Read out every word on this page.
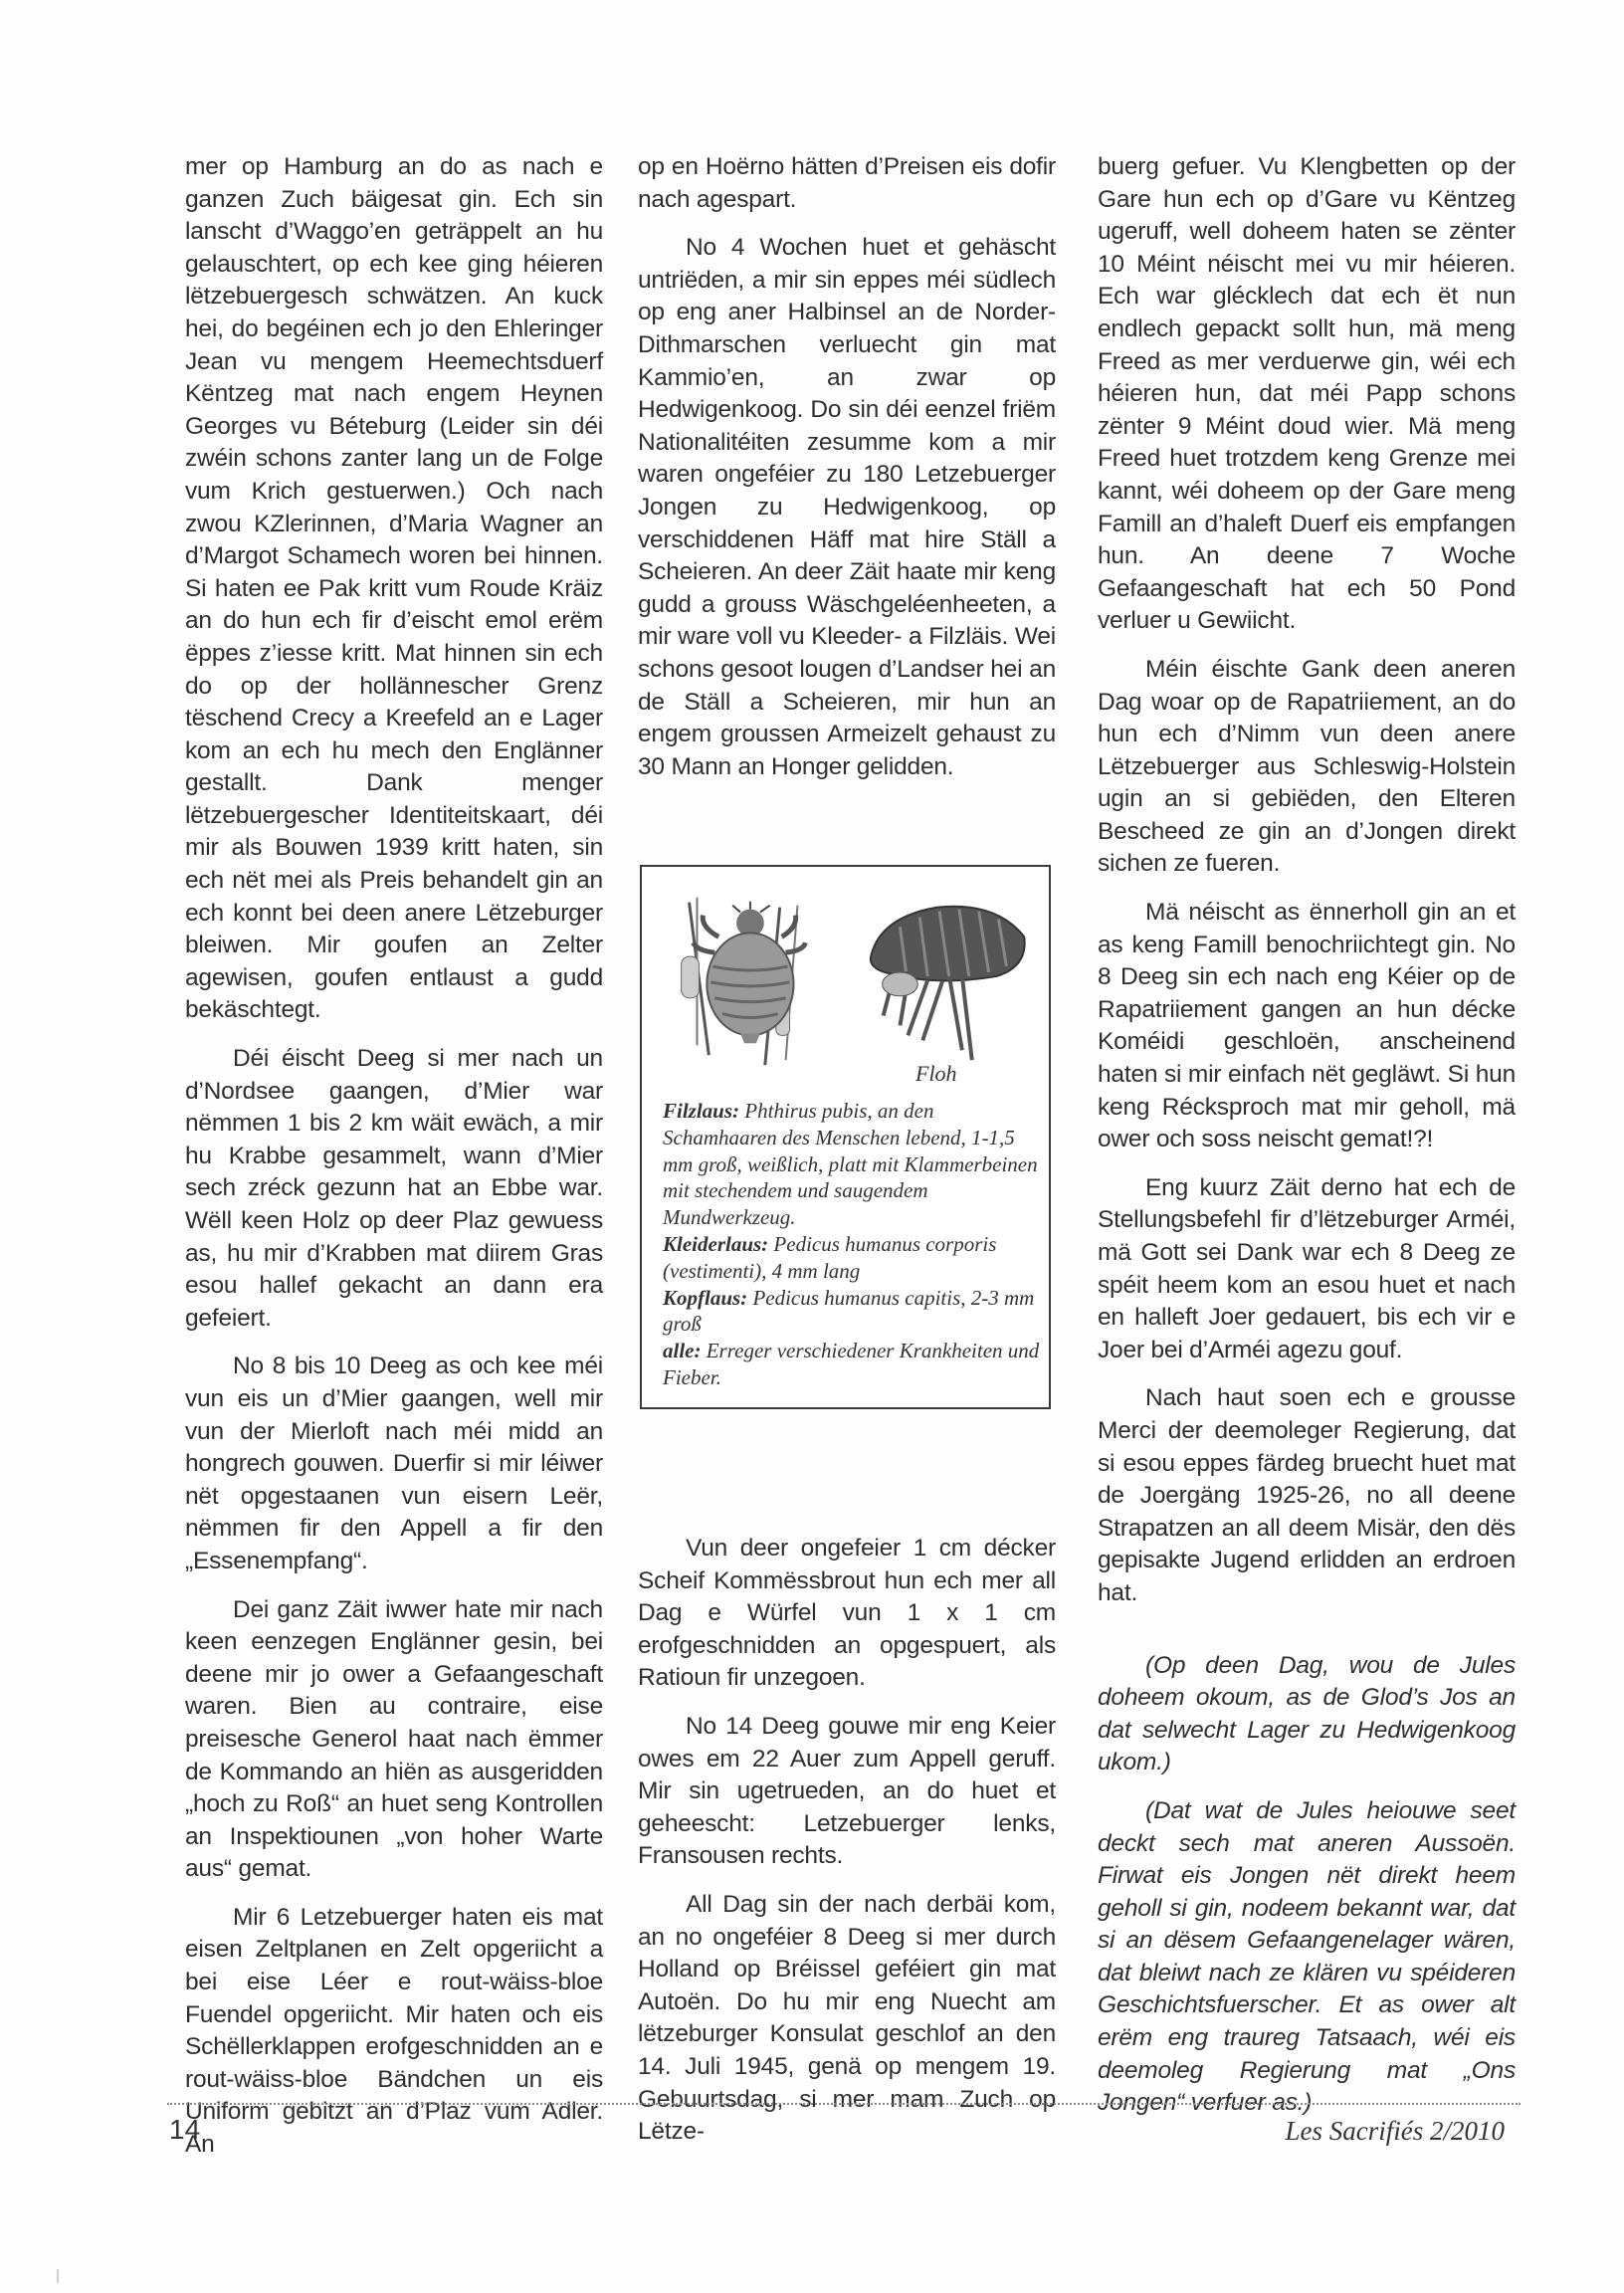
mer op Hamburg an do as nach e ganzen Zuch bäigesat gin. Ech sin lanscht d’Waggo’en geträppelt an hu gelauschtert, op ech kee ging héieren lëtzebuergesch schwätzen. An kuck hei, do begéinen ech jo den Ehleringer Jean vu mengem Heemechtsduerf Këntzeg mat nach engem Heynen Georges vu Béteburg (Leider sin déi zwéin schons zanter lang un de Folge vum Krich gestuerwen.) Och nach zwou KZlerinnen, d’Maria Wagner an d’Margot Schamech woren bei hinnen. Si haten ee Pak kritt vum Roude Kräiz an do hun ech fir d’eischt emol erëm ëppes z’iesse kritt. Mat hinnen sin ech do op der hollännescher Grenz tëschend Crecy a Kreefeld an e Lager kom an ech hu mech den Englänner gestallt. Dank menger lëtzebuergescher Identiteitskaart, déi mir als Bouwen 1939 kritt haten, sin ech nët mei als Preis behandelt gin an ech konnt bei deen anere Lëtzeburger bleiwen. Mir goufen an Zelter agewisen, goufen entlaust a gudd bekäschtegt.

Déi éischt Deeg si mer nach un d’Nordsee gaangen, d’Mier war nëmmen 1 bis 2 km wäit ewäch, a mir hu Krabbe gesammelt, wann d’Mier sech zréck gezunn hat an Ebbe war. Wëll keen Holz op deer Plaz gewuess as, hu mir d’Krabben mat diirem Gras esou hallef gekacht an dann era gefeiert.

No 8 bis 10 Deeg as och kee méi vun eis un d’Mier gaangen, well mir vun der Mierloft nach méi midd an hongrech gouwen. Duerfir si mir léiwer nët opgestaanen vun eisern Leër, nëmmen fir den Appell a fir den „Essenempfang“.

Dei ganz Zäit iwwer hate mir nach keen eenzegen Englänner gesin, bei deene mir jo ower a Gefaangeschaft waren. Bien au contraire, eise preisesche Generol haat nach ëmmer de Kommando an hiën as ausgeridden „hoch zu Roß“ an huet seng Kontrollen an Inspektiounen „von hoher Warte aus“ gemat.

Mir 6 Letzebuerger haten eis mat eisen Zeltplanen en Zelt opgeriicht a bei eise Léer e rout-wäiss-bloe Fuendel opgeriicht. Mir haten och eis Schëllerklappen erofgeschnidden an e rout-wäiss-bloe Bändchen un eis Uniform gebitzt an d’Plaz vum Adler. An

op en Hoërno hätten d’Preisen eis dofir nach agespart.

No 4 Wochen huet et gehäscht untriëden, a mir sin eppes méi südlech op eng aner Halbinsel an de Norder-Dithmarschen verluecht gin mat Kammio’en, an zwar op Hedwigenkoog. Do sin déi eenzel friëm Nationalitéiten zesumme kom a mir waren ongeféier zu 180 Letzebuerger Jongen zu Hedwigenkoog, op verschiddenen Häff mat hire Ställ a Scheieren. An deer Zäit haate mir keng gudd a grouss Wäschgeléenheeten, a mir ware voll vu Kleeder- a Filzläis. Wei schons gesoot lougen d’Landser hei an de Ställ a Scheieren, mir hun an engem groussen Armeizelt gehaust zu 30 Mann an Honger gelidden.

Floh
Filzlaus: Phthirus pubis, an den Schamhaaren des Menschen lebend, 1-1,5 mm groß, weißlich, platt mit Klammerbeinen mit stechendem und saugendem Mundwerkzeug.
Kleiderlaus: Pedicus humanus corporis (vestimenti), 4 mm lang
Kopflaus: Pedicus humanus capitis, 2-3 mm groß
alle: Erreger verschiedener Krankheiten und Fieber.

Vun deer ongefeier 1 cm décker Scheif Kommëssbrout hun ech mer all Dag e Würfel vun 1 x 1 cm erofgeschnidden an opgespuert, als Ratioun fir unzegoen.

No 14 Deeg gouwe mir eng Keier owes em 22 Auer zum Appell geruff. Mir sin ugetrueden, an do huet et geheescht: Letzebuerger lenks, Fransousen rechts.

All Dag sin der nach derbäi kom, an no ongeféier 8 Deeg si mer durch Holland op Bréissel geféiert gin mat Autoën. Do hu mir eng Nuecht am lëtzeburger Konsulat geschlof an den 14. Juli 1945, genä op mengem 19. Gebuurtsdag, si mer mam Zuch op Lëtze-

buerg gefuer. Vu Klengbetten op der Gare hun ech op d’Gare vu Këntzeg ugeruff, well doheem haten se zënter 10 Méint néischt mei vu mir héieren. Ech war glécklech dat ech ët nun endlech gepackt sollt hun, mä meng Freed as mer verduerwe gin, wéi ech héieren hun, dat méi Papp schons zënter 9 Méint doud wier. Mä meng Freed huet trotzdem keng Grenze mei kannt, wéi doheem op der Gare meng Famill an d’haleft Duerf eis empfangen hun. An deene 7 Woche Gefaangeschaft hat ech 50 Pond verluer u Gewiicht.

Méin éischte Gank deen aneren Dag woar op de Rapatriiement, an do hun ech d’Nimm vun deen anere Lëtzebuerger aus Schleswig-Holstein ugin an si gebiëden, den Elteren Bescheed ze gin an d’Jongen direkt sichen ze fueren.

Mä néischt as ënnerholl gin an et as keng Famill benochriichtegt gin. No 8 Deeg sin ech nach eng Kéier op de Rapatriiement gangen an hun décke Koméidi geschloën, anscheinend haten si mir einfach nët gegläwt. Si hun keng Récksproch mat mir geholl, mä ower och soss neischt gemat!?!

Eng kuurz Zäit derno hat ech de Stellungsbefehl fir d’lëtzeburger Arméi, mä Gott sei Dank war ech 8 Deeg ze spéit heem kom an esou huet et nach en halleft Joer gedauert, bis ech vir e Joer bei d’Arméi agezu gouf.

Nach haut soen ech e grousse Merci der deemoleger Regierung, dat si esou eppes färdeg bruecht huet mat de Joergäng 1925-26, no all deene Strapatzen an all deem Misär, den dës gepisakte Jugend erlidden an erdroen hat.

(Op deen Dag, wou de Jules doheem okoum, as de Glod’s Jos an dat selwecht Lager zu Hedwigenkoog ukom.)

(Dat wat de Jules heiouwe seet deckt sech mat aneren Aussoën. Firwat eis Jongen nët direkt heem geholl si gin, nodeem bekannt war, dat si an dësem Gefaangenelager wären, dat bleiwt nach ze klären vu spéideren Geschichtsfuerscher. Et as ower alt erëm eng traureg Tatsaach, wéi eis deemoleg Regierung mat „Ons Jongen“ verfuer as.)

14	Les Sacrifiés 2/2010
